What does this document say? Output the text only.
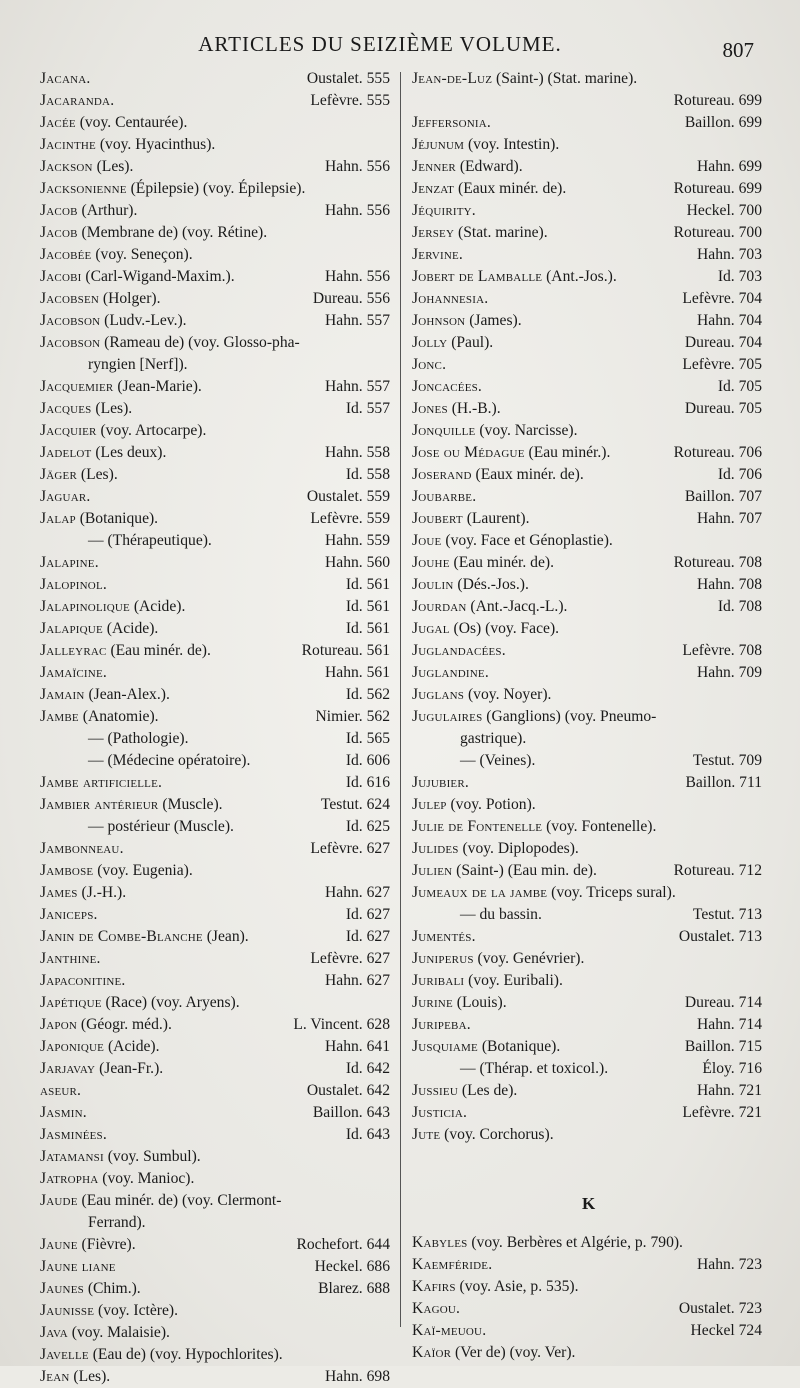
ARTICLES DU SEIZIÈME VOLUME.	807
Jacana.	Oustalet. 555
Jacaranda.	Lefèvre. 555
Jacée (voy. Centaurée).
Jacinthe (voy. Hyacinthus).
Jackson (Les).	Hahn. 556
Jacksonienne (Épilepsie) (voy. Épilepsie).
Jacob (Arthur).	Hahn. 556
Jacob (Membrane de) (voy. Rétine).
Jacobée (voy. Seneçon).
Jacobi (Carl-Wigand-Maxim.).	Hahn. 556
Jacobsen (Holger).	Dureau. 556
Jacobson (Ludv.-Lev.).	Hahn. 557
Jacobson (Rameau de) (voy. Glosso-pha-
ryngien [Nerf]).
Jacquemier (Jean-Marie).	Hahn. 557
Jacques (Les).	Id. 557
Jacquier (voy. Artocarpe).
Jadelot (Les deux).	Hahn. 558
Jäger (Les).	Id. 558
Jaguar.	Oustalet. 559
Jalap (Botanique).	Lefèvre. 559
— (Thérapeutique).	Hahn. 559
Jalapine.	Hahn. 560
Jalopinol.	Id. 561
Jalapinolique (Acide).	Id. 561
Jalapique (Acide).	Id. 561
Jalleyrac (Eau minér. de).	Rotureau. 561
Jamaïcine.	Hahn. 561
Jamain (Jean-Alex.).	Id. 562
Jambe (Anatomie).	Nimier. 562
— (Pathologie).	Id. 565
— (Médecine opératoire).	Id. 606
Jambe artificielle.	Id. 616
Jambier antérieur (Muscle).	Testut. 624
— postérieur (Muscle).	Id. 625
Jambonneau.	Lefèvre. 627
Jambose (voy. Eugenia).
James (J.-H.).	Hahn. 627
Janiceps.	Id. 627
Janin de Combe-Blanche (Jean).	Id. 627
Janthine.	Lefèvre. 627
Japaconitine.	Hahn. 627
Japétique (Race) (voy. Aryens).
Japon (Géogr. méd.).	L. Vincent. 628
Japonique (Acide).	Hahn. 641
Jarjavay (Jean-Fr.).	Id. 642
aseur.	Oustalet. 642
Jasmin.	Baillon. 643
Jasminées.	Id. 643
Jatamansi (voy. Sumbul).
Jatropha (voy. Manioc).
Jaude (Eau minér. de) (voy. Clermont-
Ferrand).
Jaune (Fièvre).	Rochefort. 644
Jaune liane	Heckel. 686
Jaunes (Chim.).	Blarez. 688
Jaunisse (voy. Ictère).
Java (voy. Malaisie).
Javelle (Eau de) (voy. Hypochlorites).
Jean (Les).	Hahn. 698
Jean-de-Luz (Saint-) (Stat. marine).
Rotureau. 699
Jeffersonia.	Baillon. 699
Jéjunum (voy. Intestin).
Jenner (Edward).	Hahn. 699
Jenzat (Eaux minér. de).	Rotureau. 699
Jéquirity.	Heckel. 700
Jersey (Stat. marine).	Rotureau. 700
Jervine.	Hahn. 703
Jobert de Lamballe (Ant.-Jos.).	Id. 703
Johannesia.	Lefèvre. 704
Johnson (James).	Hahn. 704
Jolly (Paul).	Dureau. 704
Jonc.	Lefèvre. 705
Joncacées.	Id. 705
Jones (H.-B.).	Dureau. 705
Jonquille (voy. Narcisse).
Jose ou Médague (Eau minér.).	Rotureau. 706
Joserand (Eaux minér. de).	Id. 706
Joubarbe.	Baillon. 707
Joubert (Laurent).	Hahn. 707
Joue (voy. Face et Génoplastie).
Jouhe (Eau minér. de).	Rotureau. 708
Joulin (Dés.-Jos.).	Hahn. 708
Jourdan (Ant.-Jacq.-L.).	Id. 708
Jugal (Os) (voy. Face).
Juglandacées.	Lefèvre. 708
Juglandine.	Hahn. 709
Juglans (voy. Noyer).
Jugulaires (Ganglions) (voy. Pneumo-
gastrique).
— (Veines).	Testut. 709
Jujubier.	Baillon. 711
Julep (voy. Potion).
Julie de Fontenelle (voy. Fontenelle).
Julides (voy. Diplopodes).
Julien (Saint-) (Eau min. de).	Rotureau. 712
Jumeaux de la jambe (voy. Triceps sural).
— du bassin.	Testut. 713
Jumentés.	Oustalet. 713
Juniperus (voy. Genévrier).
Juribali (voy. Euribali).
Jurine (Louis).	Dureau. 714
Juripeba.	Hahn. 714
Jusquiame (Botanique).	Baillon. 715
— (Thérap. et toxicol.).	Éloy. 716
Jussieu (Les de).	Hahn. 721
Justicia.	Lefèvre. 721
Jute (voy. Corchorus).
K
Kabyles (voy. Berbères et Algérie, p. 790).
Kaemféride.	Hahn. 723
Kafirs (voy. Asie, p. 535).
Kagou.	Oustalet. 723
Kaï-meuou.	Heckel 724
Kaïor (Ver de) (voy. Ver).
